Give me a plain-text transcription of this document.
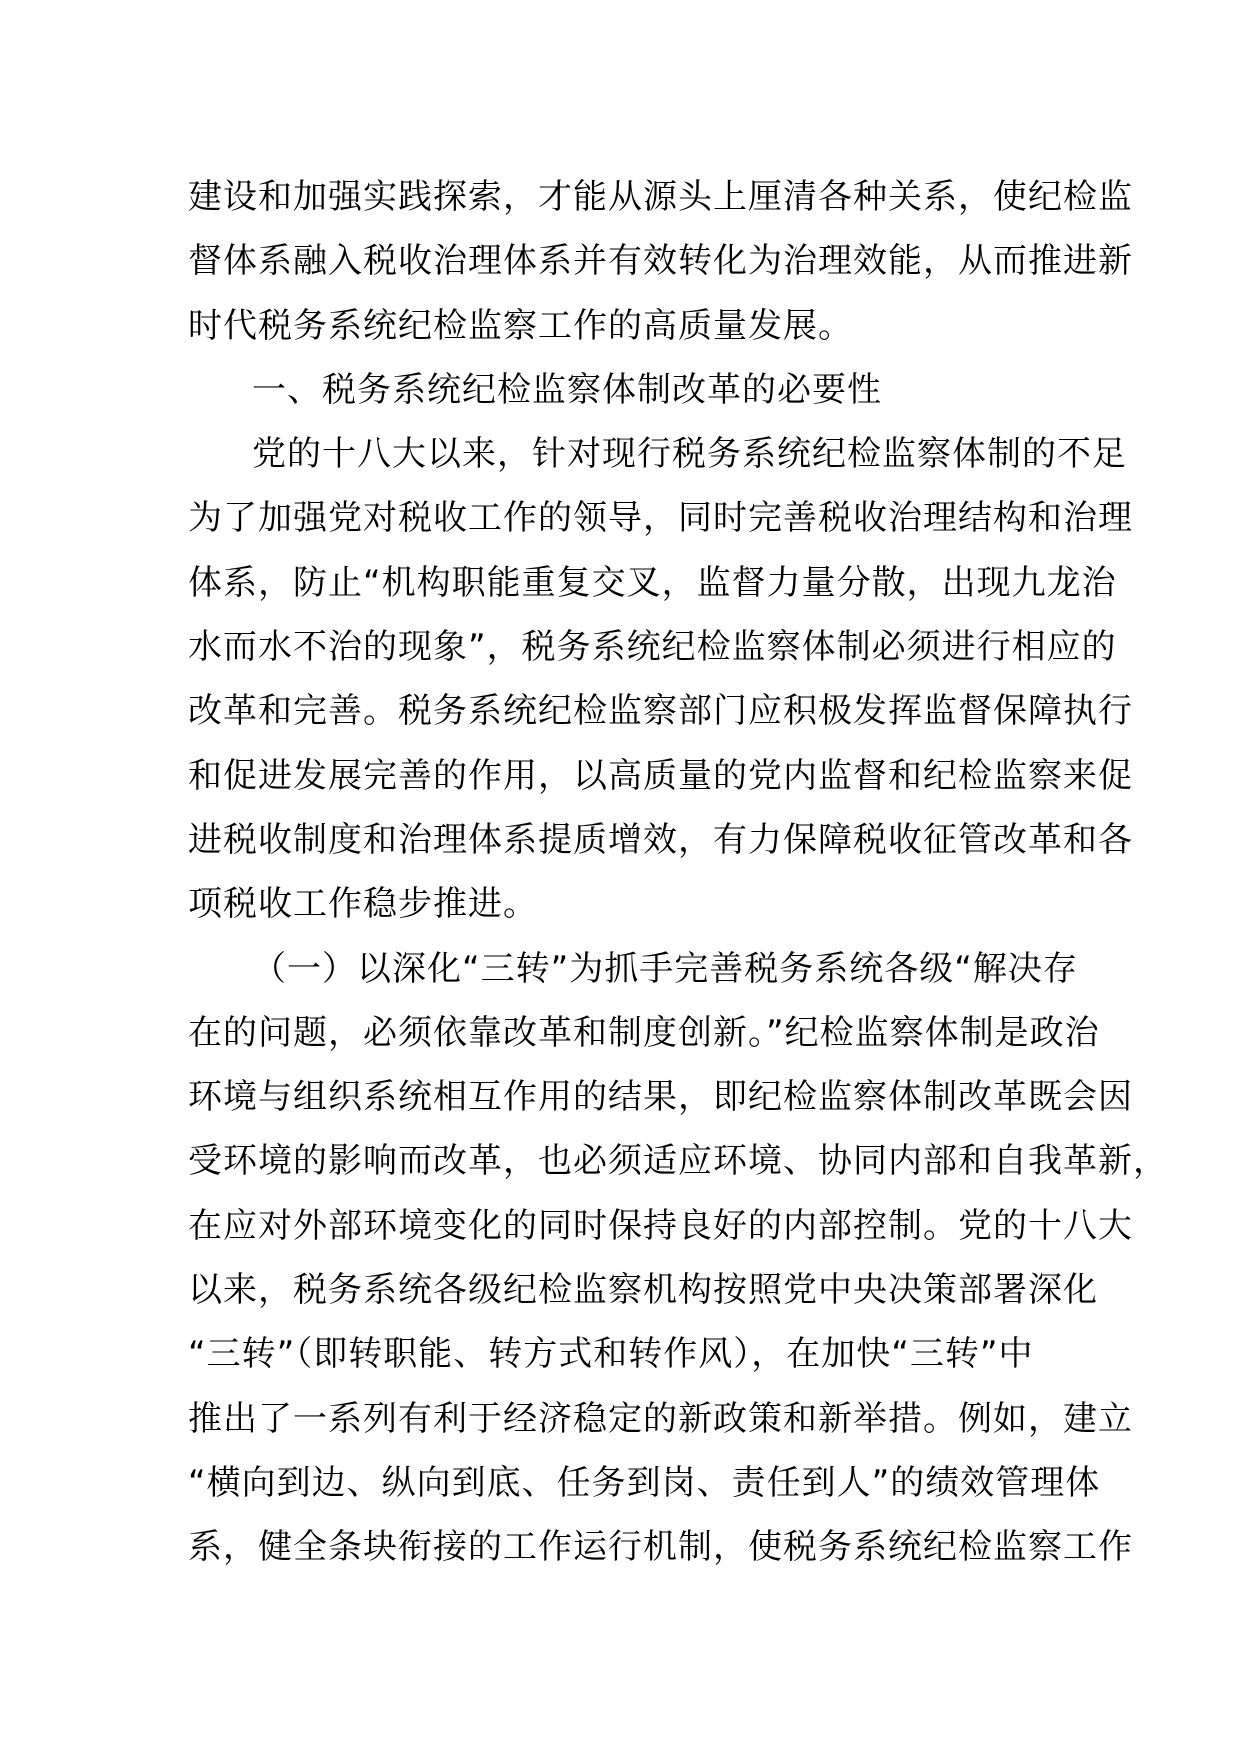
建设和加强实践探索，才能从源头上厘清各种关系，使纪检监
督体系融入税收治理体系并有效转化为治理效能，从而推进新
时代税务系统纪检监察工作的高质量发展。
一、税务系统纪检监察体制改革的必要性
党的十八大以来，针对现行税务系统纪检监察体制的不足
为了加强党对税收工作的领导，同时完善税收治理结构和治理
体系，防止“机构职能重复交叉，监督力量分散，出现九龙治
水而水不治的现象”，税务系统纪检监察体制必须进行相应的
改革和完善。税务系统纪检监察部门应积极发挥监督保障执行
和促进发展完善的作用，以高质量的党内监督和纪检监察来促
进税收制度和治理体系提质增效，有力保障税收征管改革和各
项税收工作稳步推进。
（一）以深化“三转”为抓手完善税务系统各级“解决存
在的问题，必须依靠改革和制度创新。”纪检监察体制是政治
环境与组织系统相互作用的结果，即纪检监察体制改革既会因
受环境的影响而改革，也必须适应环境、协同内部和自我革新，
在应对外部环境变化的同时保持良好的内部控制。党的十八大
以来，税务系统各级纪检监察机构按照党中央决策部署深化
“三转”（即转职能、转方式和转作风），在加快“三转”中
推出了一系列有利于经济稳定的新政策和新举措。例如，建立
“横向到边、纵向到底、任务到岗、责任到人”的绩效管理体
系，健全条块衔接的工作运行机制，使税务系统纪检监察工作
